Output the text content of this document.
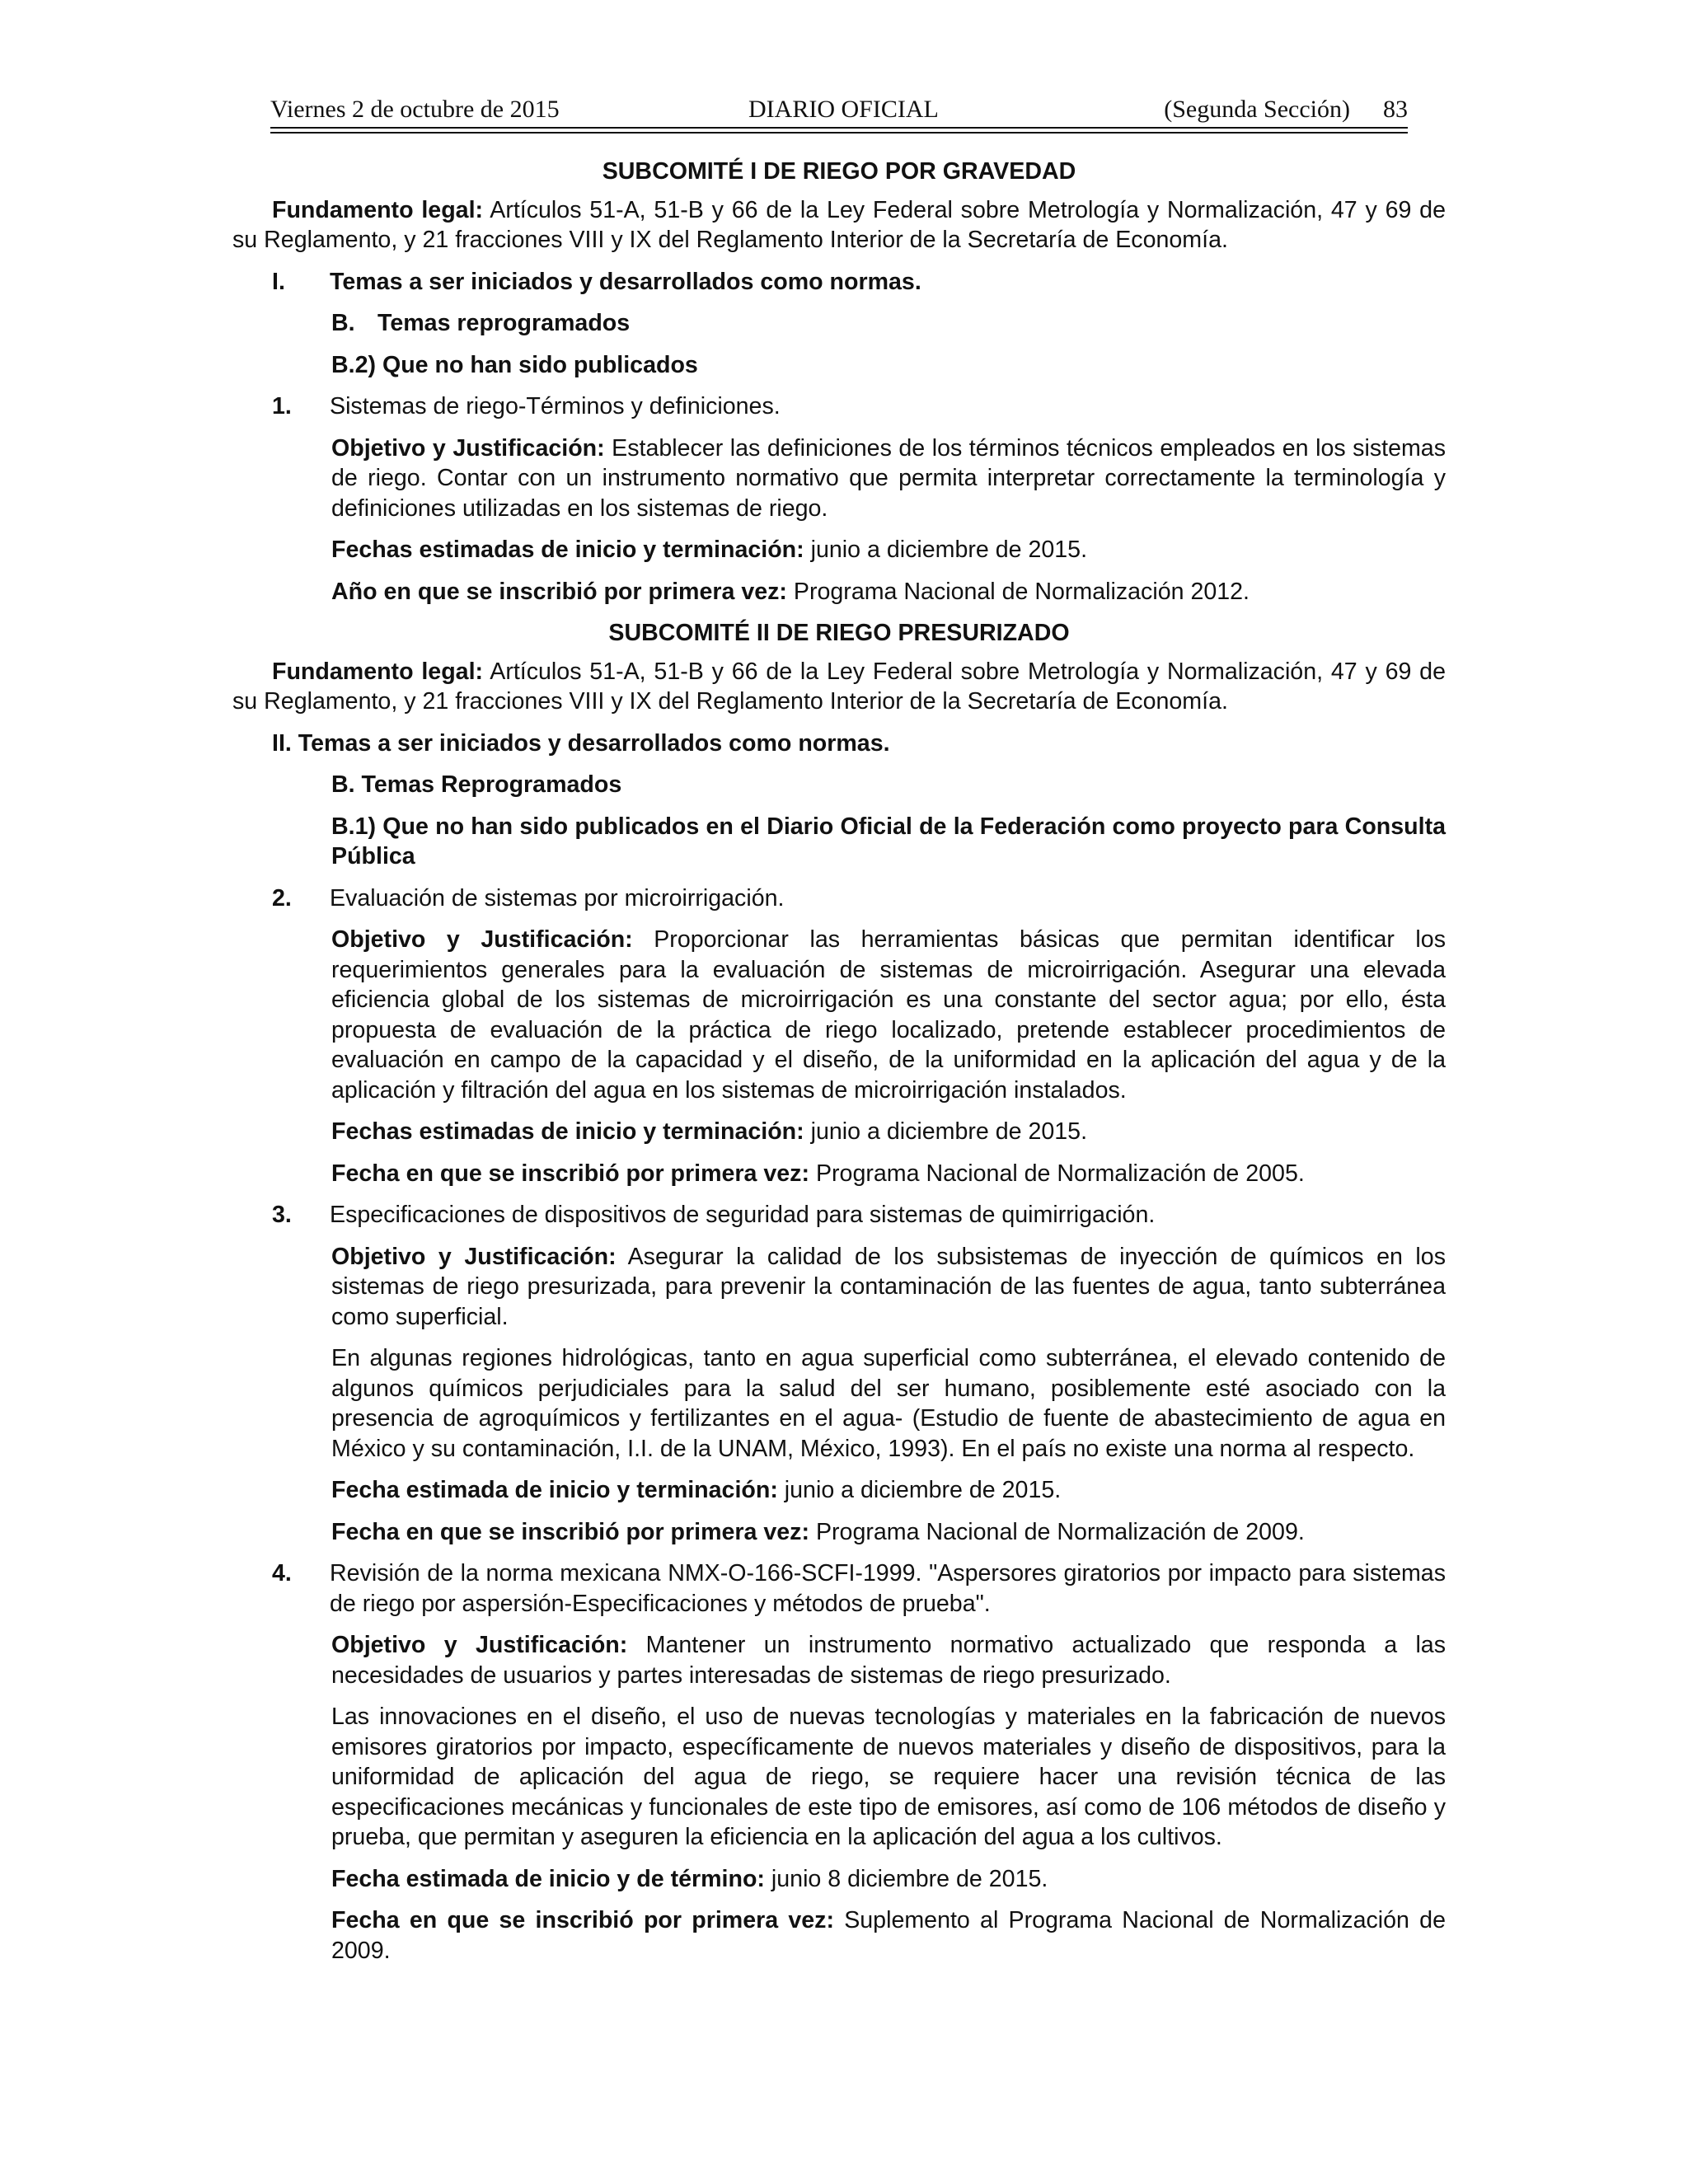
Viernes 2 de octubre de 2015	DIARIO OFICIAL	(Segunda Sección) 83

SUBCOMITÉ I DE RIEGO POR GRAVEDAD

Fundamento legal: Artículos 51-A, 51-B y 66 de la Ley Federal sobre Metrología y Normalización, 47 y 69 de su Reglamento, y 21 fracciones VIII y IX del Reglamento Interior de la Secretaría de Economía.

I. Temas a ser iniciados y desarrollados como normas.

B. Temas reprogramados

B.2) Que no han sido publicados

1. Sistemas de riego-Términos y definiciones.

Objetivo y Justificación: Establecer las definiciones de los términos técnicos empleados en los sistemas de riego. Contar con un instrumento normativo que permita interpretar correctamente la terminología y definiciones utilizadas en los sistemas de riego.

Fechas estimadas de inicio y terminación: junio a diciembre de 2015.

Año en que se inscribió por primera vez: Programa Nacional de Normalización 2012.

SUBCOMITÉ II DE RIEGO PRESURIZADO

Fundamento legal: Artículos 51-A, 51-B y 66 de la Ley Federal sobre Metrología y Normalización, 47 y 69 de su Reglamento, y 21 fracciones VIII y IX del Reglamento Interior de la Secretaría de Economía.

II. Temas a ser iniciados y desarrollados como normas.

B. Temas Reprogramados

B.1) Que no han sido publicados en el Diario Oficial de la Federación como proyecto para Consulta Pública

2. Evaluación de sistemas por microirrigación.

Objetivo y Justificación: Proporcionar las herramientas básicas que permitan identificar los requerimientos generales para la evaluación de sistemas de microirrigación. Asegurar una elevada eficiencia global de los sistemas de microirrigación es una constante del sector agua; por ello, ésta propuesta de evaluación de la práctica de riego localizado, pretende establecer procedimientos de evaluación en campo de la capacidad y el diseño, de la uniformidad en la aplicación del agua y de la aplicación y filtración del agua en los sistemas de microirrigación instalados.

Fechas estimadas de inicio y terminación: junio a diciembre de 2015.

Fecha en que se inscribió por primera vez: Programa Nacional de Normalización de 2005.

3. Especificaciones de dispositivos de seguridad para sistemas de quimirrigación.

Objetivo y Justificación: Asegurar la calidad de los subsistemas de inyección de químicos en los sistemas de riego presurizada, para prevenir la contaminación de las fuentes de agua, tanto subterránea como superficial.

En algunas regiones hidrológicas, tanto en agua superficial como subterránea, el elevado contenido de algunos químicos perjudiciales para la salud del ser humano, posiblemente esté asociado con la presencia de agroquímicos y fertilizantes en el agua- (Estudio de fuente de abastecimiento de agua en México y su contaminación, I.I. de la UNAM, México, 1993). En el país no existe una norma al respecto.

Fecha estimada de inicio y terminación: junio a diciembre de 2015.

Fecha en que se inscribió por primera vez: Programa Nacional de Normalización de 2009.

4. Revisión de la norma mexicana NMX-O-166-SCFI-1999. "Aspersores giratorios por impacto para sistemas de riego por aspersión-Especificaciones y métodos de prueba".

Objetivo y Justificación: Mantener un instrumento normativo actualizado que responda a las necesidades de usuarios y partes interesadas de sistemas de riego presurizado.

Las innovaciones en el diseño, el uso de nuevas tecnologías y materiales en la fabricación de nuevos emisores giratorios por impacto, específicamente de nuevos materiales y diseño de dispositivos, para la uniformidad de aplicación del agua de riego, se requiere hacer una revisión técnica de las especificaciones mecánicas y funcionales de este tipo de emisores, así como de 106 métodos de diseño y prueba, que permitan y aseguren la eficiencia en la aplicación del agua a los cultivos.

Fecha estimada de inicio y de término: junio 8 diciembre de 2015.

Fecha en que se inscribió por primera vez: Suplemento al Programa Nacional de Normalización de 2009.
